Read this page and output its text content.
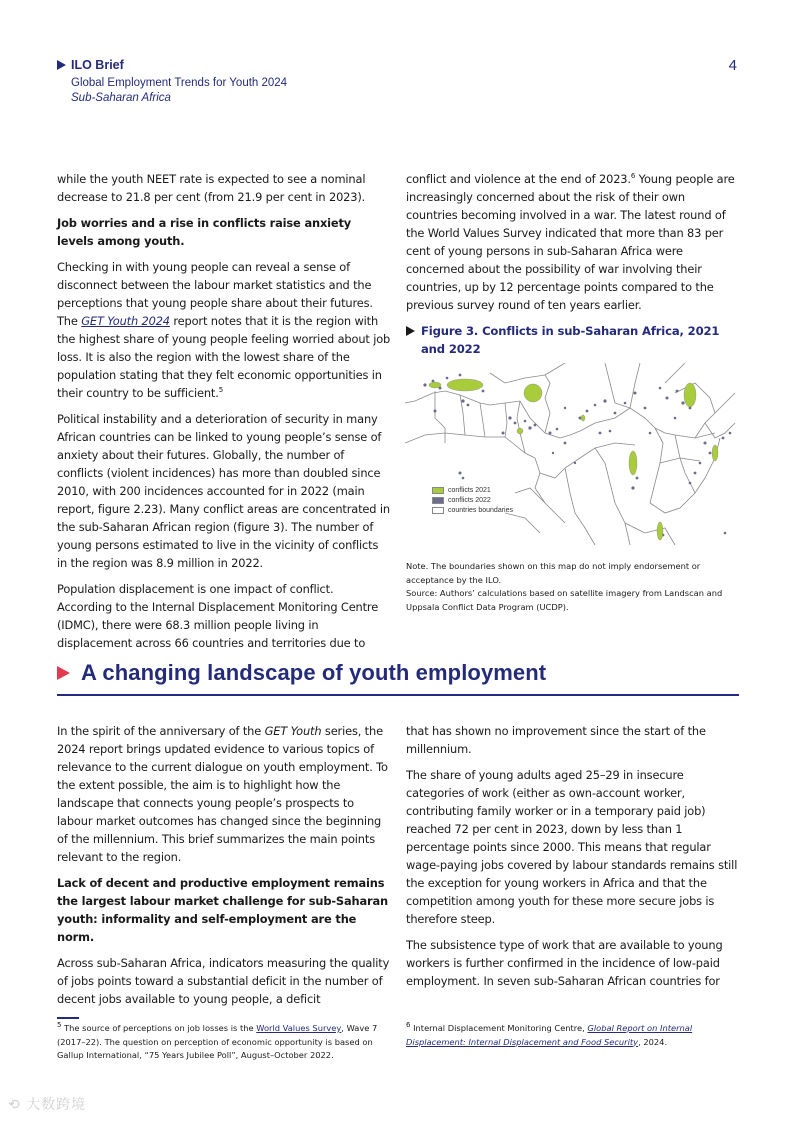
ILO Brief
Global Employment Trends for Youth 2024
Sub-Saharan Africa
4

while the youth NEET rate is expected to see a nominal decrease to 21.8 per cent (from 21.9 per cent in 2023).

Job worries and a rise in conflicts raise anxiety levels among youth.

Checking in with young people can reveal a sense of disconnect between the labour market statistics and the perceptions that young people share about their futures. The GET Youth 2024 report notes that it is the region with the highest share of young people feeling worried about job loss. It is also the region with the lowest share of the population stating that they felt economic opportunities in their country to be sufficient.$^5$

Political instability and a deterioration of security in many African countries can be linked to young people’s sense of anxiety about their futures. Globally, the number of conflicts (violent incidences) has more than doubled since 2010, with 200 incidences accounted for in 2022 (main report, figure 2.23). Many conflict areas are concentrated in the sub-Saharan African region (figure 3). The number of young persons estimated to live in the vicinity of conflicts in the region was 8.9 million in 2022.

Population displacement is one impact of conflict. According to the Internal Displacement Monitoring Centre (IDMC), there were 68.3 million people living in displacement across 66 countries and territories due to

conflict and violence at the end of 2023.$^6$ Young people are increasingly concerned about the risk of their own countries becoming involved in a war. The latest round of the World Values Survey indicated that more than 83 per cent of young persons in sub-Saharan Africa were concerned about the possibility of war involving their countries, up by 12 percentage points compared to the previous survey round of ten years earlier.

Figure 3. Conflicts in sub-Saharan Africa, 2021 and 2022
conflicts 2021
conflicts 2022
countries boundaries
Note. The boundaries shown on this map do not imply endorsement or acceptance by the ILO.
Source: Authors’ calculations based on satellite imagery from Landscan and Uppsala Conflict Data Program (UCDP).
A changing landscape of youth employment

In the spirit of the anniversary of the GET Youth series, the 2024 report brings updated evidence to various topics of relevance to the current dialogue on youth employment. To the extent possible, the aim is to highlight how the landscape that connects young people’s prospects to labour market outcomes has changed since the beginning of the millennium. This brief summarizes the main points relevant to the region.

Lack of decent and productive employment remains the largest labour market challenge for sub-Saharan youth: informality and self-employment are the norm.

Across sub-Saharan Africa, indicators measuring the quality of jobs points toward a substantial deficit in the number of decent jobs available to young people, a deficit

that has shown no improvement since the start of the millennium.

The share of young adults aged 25–29 in insecure categories of work (either as own-account worker, contributing family worker or in a temporary paid job) reached 72 per cent in 2023, down by less than 1 percentage points since 2000. This means that regular wage-paying jobs covered by labour standards remains still the exception for young workers in Africa and that the competition among youth for these more secure jobs is therefore steep.

The subsistence type of work that are available to young workers is further confirmed in the incidence of low-paid employment. In seven sub-Saharan African countries for

$^5$ The source of perceptions on job losses is the World Values Survey, Wave 7 (2017–22). The question on perception of economic opportunity is based on Gallup International, “75 Years Jubilee Poll”, August–October 2022.
$^6$ Internal Displacement Monitoring Centre, Global Report on Internal Displacement: Internal Displacement and Food Security, 2024.
⟲ 大数跨境
